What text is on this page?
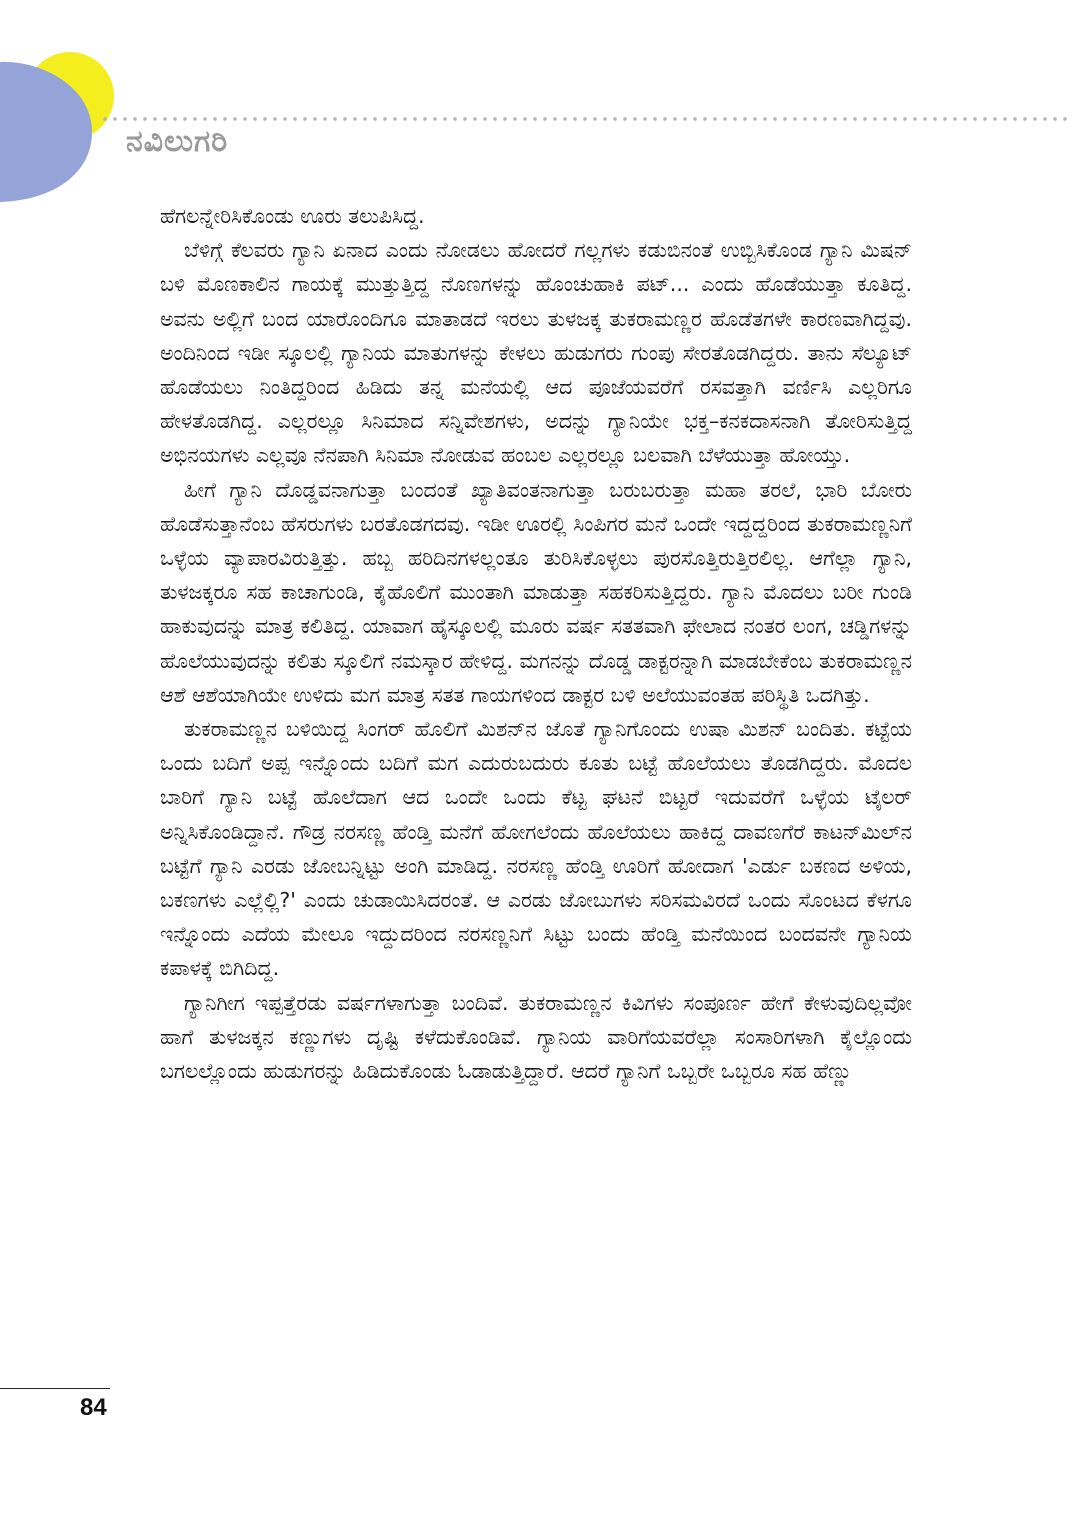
ನವಿಲುಗರಿ

ಹೆಗಲನ್ನೇರಿಸಿಕೊಂಡು ಊರು ತಲುಪಿಸಿದ್ದ.

ಬೆಳಿಗ್ಗೆ ಕೆಲವರು ಗ್ಯಾನಿ ಏನಾದ ಎಂದು ನೋಡಲು ಹೋದರೆ ಗಲ್ಲಗಳು ಕಡುಬಿನಂತೆ ಉಬ್ಬಿಸಿಕೊಂಡ ಗ್ಯಾನಿ ಮಿಷನ್ ಬಳಿ ಮೊಣಕಾಲಿನ ಗಾಯಕ್ಕೆ ಮುತ್ತುತ್ತಿದ್ದ ನೊಣಗಳನ್ನು ಹೊಂಚುಹಾಕಿ ಪಟ್... ಎಂದು ಹೊಡೆಯುತ್ತಾ ಕೂತಿದ್ದ. ಅವನು ಅಲ್ಲಿಗೆ ಬಂದ ಯಾರೊಂದಿಗೂ ಮಾತಾಡದೆ ಇರಲು ತುಳಜಕ್ಕ ತುಕರಾಮಣ್ಣರ ಹೊಡೆತಗಳೇ ಕಾರಣವಾಗಿದ್ದವು. ಅಂದಿನಿಂದ ಇಡೀ ಸ್ಕೂಲಲ್ಲಿ ಗ್ಯಾನಿಯ ಮಾತುಗಳನ್ನು ಕೇಳಲು ಹುಡುಗರು ಗುಂಪು ಸೇರತೊಡಗಿದ್ದರು. ತಾನು ಸೆಲ್ಯೂಟ್ ಹೊಡೆಯಲು ನಿಂತಿದ್ದರಿಂದ ಹಿಡಿದು ತನ್ನ ಮನೆಯಲ್ಲಿ ಆದ ಪೂಜೆಯವರೆಗೆ ರಸವತ್ತಾಗಿ ವರ್ಣಿಸಿ ಎಲ್ಲರಿಗೂ ಹೇಳತೊಡಗಿದ್ದ. ಎಲ್ಲರಲ್ಲೂ ಸಿನಿಮಾದ ಸನ್ನಿವೇಶಗಳು, ಅದನ್ನು ಗ್ಯಾನಿಯೇ ಭಕ್ತ–ಕನಕದಾಸನಾಗಿ ತೋರಿಸುತ್ತಿದ್ದ ಅಭಿನಯಗಳು ಎಲ್ಲವೂ ನೆನಪಾಗಿ ಸಿನಿಮಾ ನೋಡುವ ಹಂಬಲ ಎಲ್ಲರಲ್ಲೂ ಬಲವಾಗಿ ಬೆಳೆಯುತ್ತಾ ಹೋಯ್ತು.

ಹೀಗೆ ಗ್ಯಾನಿ ದೊಡ್ಡವನಾಗುತ್ತಾ ಬಂದಂತೆ ಖ್ಯಾತಿವಂತನಾಗುತ್ತಾ ಬರುಬರುತ್ತಾ ಮಹಾ ತರಲೆ, ಭಾರಿ ಬೋರು ಹೊಡೆಸುತ್ತಾನೆಂಬ ಹೆಸರುಗಳು ಬರತೊಡಗದವು. ಇಡೀ ಊರಲ್ಲಿ ಸಿಂಪಿಗರ ಮನೆ ಒಂದೇ ಇದ್ದದ್ದರಿಂದ ತುಕರಾಮಣ್ಣನಿಗೆ ಒಳ್ಳೆಯ ವ್ಯಾಪಾರವಿರುತ್ತಿತ್ತು. ಹಬ್ಬ ಹರಿದಿನಗಳಲ್ಲಂತೂ ತುರಿಸಿಕೊಳ್ಳಲು ಪುರಸೊತ್ತಿರುತ್ತಿರಲಿಲ್ಲ. ಆಗೆಲ್ಲಾ ಗ್ಯಾನಿ, ತುಳಜಕ್ಕರೂ ಸಹ ಕಾಚಾಗುಂಡಿ, ಕೈಹೊಲಿಗೆ ಮುಂತಾಗಿ ಮಾಡುತ್ತಾ ಸಹಕರಿಸುತ್ತಿದ್ದರು. ಗ್ಯಾನಿ ಮೊದಲು ಬರೀ ಗುಂಡಿ ಹಾಕುವುದನ್ನು ಮಾತ್ರ ಕಲಿತಿದ್ದ. ಯಾವಾಗ ಹೈಸ್ಕೂಲಲ್ಲಿ ಮೂರು ವರ್ಷ ಸತತವಾಗಿ ಫೇಲಾದ ನಂತರ ಲಂಗ, ಚಡ್ಡಿಗಳನ್ನು ಹೊಲೆಯುವುದನ್ನು ಕಲಿತು ಸ್ಕೂಲಿಗೆ ನಮಸ್ಕಾರ ಹೇಳಿದ್ದ. ಮಗನನ್ನು ದೊಡ್ಡ ಡಾಕ್ಟರನ್ನಾಗಿ ಮಾಡಬೇಕೆಂಬ ತುಕರಾಮಣ್ಣನ ಆಶೆ ಆಶೆಯಾಗಿಯೇ ಉಳಿದು ಮಗ ಮಾತ್ರ ಸತತ ಗಾಯಗಳಿಂದ ಡಾಕ್ಟರ ಬಳಿ ಅಲೆಯುವಂತಹ ಪರಿಸ್ಥಿತಿ ಒದಗಿತ್ತು.

ತುಕರಾಮಣ್ಣನ ಬಳಿಯಿದ್ದ ಸಿಂಗರ್ ಹೊಲಿಗೆ ಮಿಶನ್‌ನ ಜೊತೆ ಗ್ಯಾನಿಗೊಂದು ಉಷಾ ಮಿಶನ್ ಬಂದಿತು. ಕಟ್ಟೆಯ ಒಂದು ಬದಿಗೆ ಅಪ್ಪ ಇನ್ನೊಂದು ಬದಿಗೆ ಮಗ ಎದುರುಬದುರು ಕೂತು ಬಟ್ಟೆ ಹೊಲೆಯಲು ತೊಡಗಿದ್ದರು. ಮೊದಲ ಬಾರಿಗೆ ಗ್ಯಾನಿ ಬಟ್ಟೆ ಹೊಲೆದಾಗ ಆದ ಒಂದೇ ಒಂದು ಕೆಟ್ಟ ಘಟನೆ ಬಿಟ್ಟರೆ ಇದುವರೆಗೆ ಒಳ್ಳೆಯ ಟೈಲರ್ ಅನ್ನಿಸಿಕೊಂಡಿದ್ದಾನೆ. ಗೌಡ್ರ ನರಸಣ್ಣ ಹೆಂಡ್ತಿ ಮನೆಗೆ ಹೋಗಲೆಂದು ಹೊಲೆಯಲು ಹಾಕಿದ್ದ ದಾವಣಗೆರೆ ಕಾಟನ್‌ಮಿಲ್‌ನ ಬಟ್ಟೆಗೆ ಗ್ಯಾನಿ ಎರಡು ಜೋಬನ್ನಿಟ್ಟು ಅಂಗಿ ಮಾಡಿದ್ದ. ನರಸಣ್ಣ ಹೆಂಡ್ತಿ ಊರಿಗೆ ಹೋದಾಗ 'ಎರ್ಡು ಬಕಣದ ಅಳಿಯ, ಬಕಣಗಳು ಎಲ್ಲೆಲ್ಲಿ?' ಎಂದು ಚುಡಾಯಿಸಿದರಂತೆ. ಆ ಎರಡು ಜೋಬುಗಳು ಸರಿಸಮವಿರದೆ ಒಂದು ಸೊಂಟದ ಕೆಳಗೂ ಇನ್ನೊಂದು ಎದೆಯ ಮೇಲೂ ಇದ್ದುದರಿಂದ ನರಸಣ್ಣನಿಗೆ ಸಿಟ್ಟು ಬಂದು ಹೆಂಡ್ತಿ ಮನೆಯಿಂದ ಬಂದವನೇ ಗ್ಯಾನಿಯ ಕಪಾಳಕ್ಕೆ ಬಿಗಿದಿದ್ದ.

ಗ್ಯಾನಿಗೀಗ ಇಪ್ಪತ್ತೆರಡು ವರ್ಷಗಳಾಗುತ್ತಾ ಬಂದಿವೆ. ತುಕರಾಮಣ್ಣನ ಕಿವಿಗಳು ಸಂಪೂರ್ಣ ಹೇಗೆ ಕೇಳುವುದಿಲ್ಲವೋ ಹಾಗೆ ತುಳಜಕ್ಕನ ಕಣ್ಣುಗಳು ದೃಷ್ಟಿ ಕಳೆದುಕೊಂಡಿವೆ. ಗ್ಯಾನಿಯ ವಾರಿಗೆಯವರೆಲ್ಲಾ ಸಂಸಾರಿಗಳಾಗಿ ಕೈಲ್ಲೊಂದು ಬಗಲಲ್ಲೊಂದು ಹುಡುಗರನ್ನು ಹಿಡಿದುಕೊಂಡು ಓಡಾಡುತ್ತಿದ್ದಾರೆ. ಆದರೆ ಗ್ಯಾನಿಗೆ ಒಬ್ಬರೇ ಒಬ್ಬರೂ ಸಹ ಹೆಣ್ಣು

84
